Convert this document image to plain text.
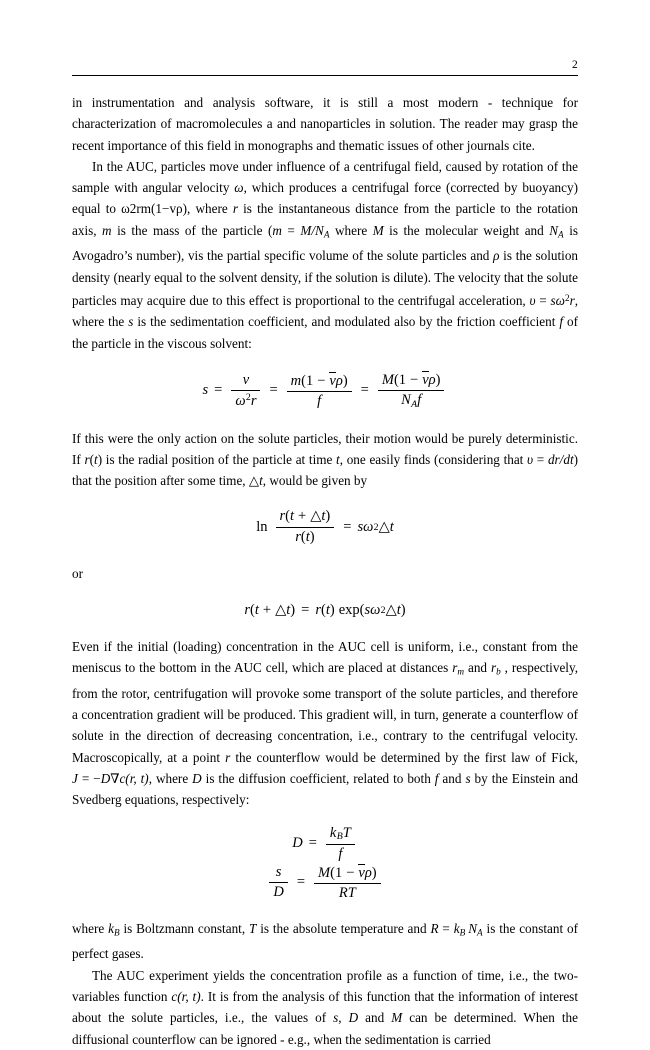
2

in instrumentation and analysis software, it is still a most modern - technique for characterization of macromolecules a and nanoparticles in solution. The reader may grasp the recent importance of this field in monographs and thematic issues of other journals cite.

In the AUC, particles move under influence of a centrifugal field, caused by rotation of the sample with angular velocity ω, which produces a centrifugal force (corrected by buoyancy) equal to ω2rm(1−vρ), where r is the instantaneous distance from the particle to the rotation axis, m is the mass of the particle (m = M/NA where M is the molecular weight and NA is Avogadro’s number), vis the partial specific volume of the solute particles and ρ is the solution density (nearly equal to the solvent density, if the solution is dilute). The velocity that the solute particles may acquire due to this effect is proportional to the centrifugal acceleration, $\upsilon = s\omega^2r$, where the s is the sedimentation coefficient, and modulated also by the friction coefficient f of the particle in the viscous solvent:

$s = \frac{\nu}{\omega^2r} = \frac{m(1 - \nu\rho)}{f} = \frac{M(1 - \nu\rho)}{N_Af}$

If this were the only action on the solute particles, their motion would be purely deterministic. If r(t) is the radial position of the particle at time t, one easily finds (considering that υ = dr/dt) that the position after some time, △t, would be given by

$\ln \frac{r(t + \triangle t)}{r(t)} = s$ ω 2 △ t
or
r ( t + △ t ) = r ( t ) exp ( s ω 2 △ t )

Even if the initial (loading) concentration in the AUC cell is uniform, i.e., constant from the meniscus to the bottom in the AUC cell, which are placed at distances rm and rb , respectively, from the rotor, centrifugation will provoke some transport of the solute particles, and therefore a concentration gradient will be produced. This gradient will, in turn, generate a counterflow of solute in the direction of decreasing concentration, i.e., contrary to the centrifugal velocity. Macroscopically, at a point r the counterflow would be determined by the first law of Fick, J = −D∇c(r, t), where D is the diffusion coefficient, related to both f and s by the Einstein and Svedberg equations, respectively:

$D = \frac{k_BT}{f}$
$\frac{s}{D} = \frac{M(1 - \nu\rho)}{RT}$

where kB is Boltzmann constant, T is the absolute temperature and R = kB NA is the constant of perfect gases.

The AUC experiment yields the concentration profile as a function of time, i.e., the two-variables function c(r, t). It is from the analysis of this function that the information of interest about the solute particles, i.e., the values of s, D and M can be determined. When the diffusional counterflow can be ignored - e.g., when the sedimentation is carried
